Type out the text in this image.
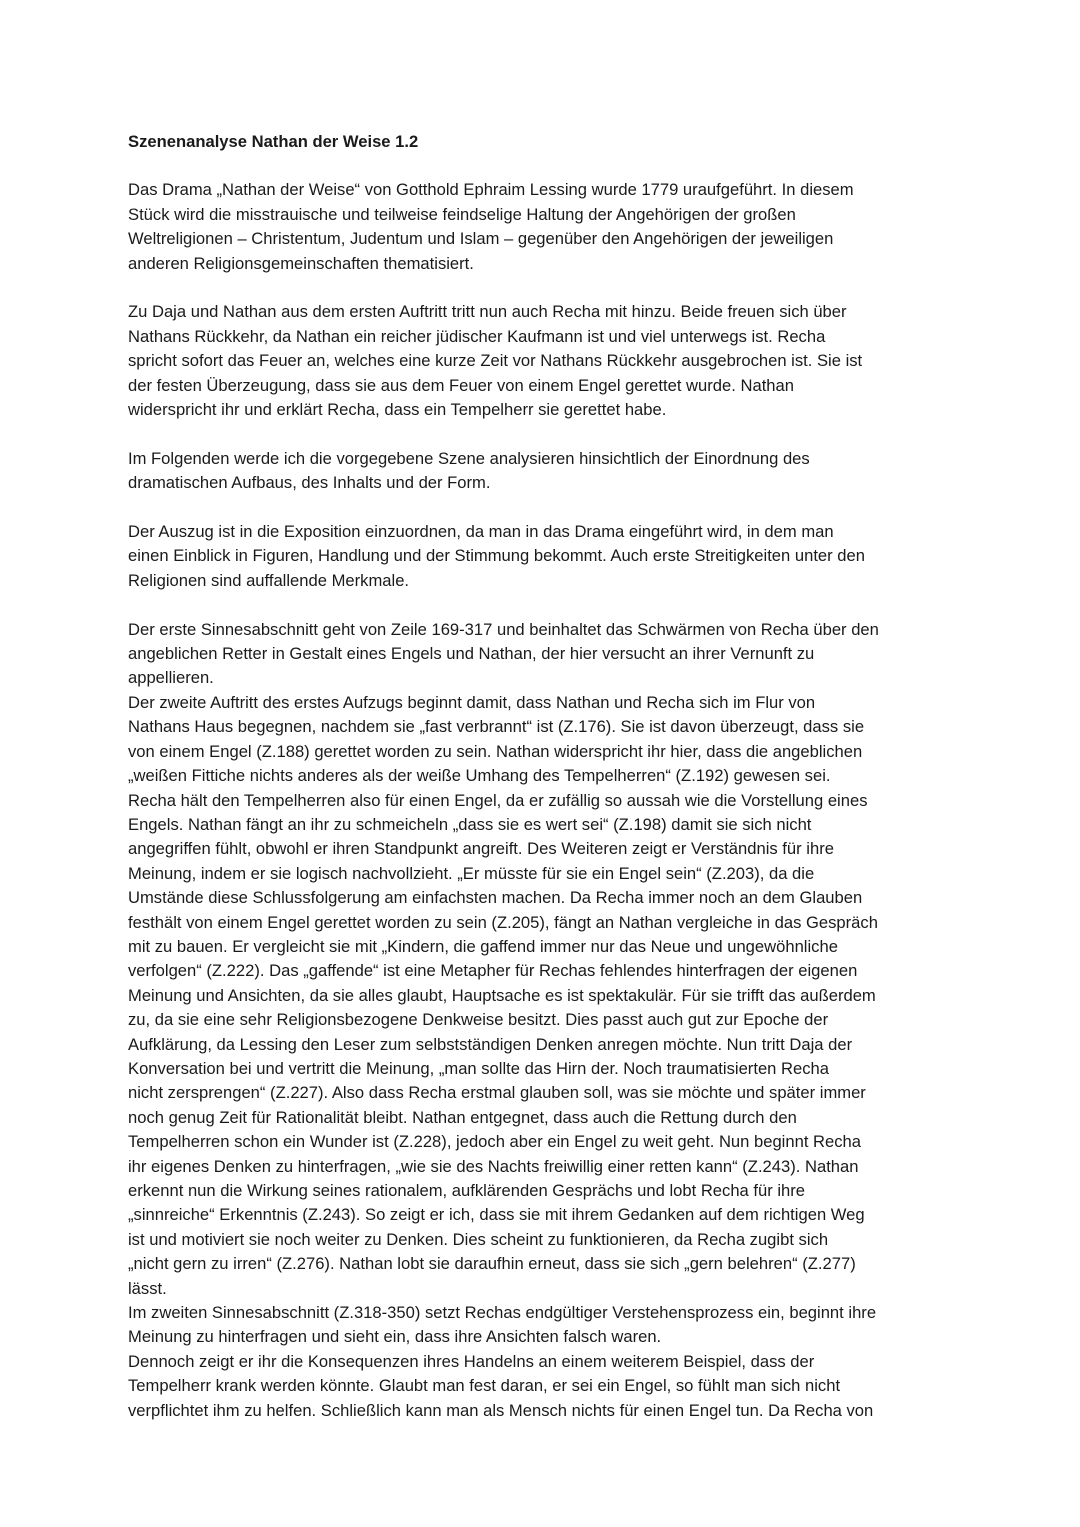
Szenenanalyse Nathan der Weise 1.2
Das Drama „Nathan der Weise“ von Gotthold Ephraim Lessing wurde 1779 uraufgeführt. In diesem
Stück wird die misstrauische und teilweise feindselige Haltung der Angehörigen der großen
Weltreligionen – Christentum, Judentum und Islam – gegenüber den Angehörigen der jeweiligen
anderen Religionsgemeinschaften thematisiert.
Zu Daja und Nathan aus dem ersten Auftritt tritt nun auch Recha mit hinzu. Beide freuen sich über
Nathans Rückkehr, da Nathan ein reicher jüdischer Kaufmann ist und viel unterwegs ist. Recha
spricht sofort das Feuer an, welches eine kurze Zeit vor Nathans Rückkehr ausgebrochen ist. Sie ist
der festen Überzeugung, dass sie aus dem Feuer von einem Engel gerettet wurde. Nathan
widerspricht ihr und erklärt Recha, dass ein Tempelherr sie gerettet habe.
Im Folgenden werde ich die vorgegebene Szene analysieren hinsichtlich der Einordnung des
dramatischen Aufbaus, des Inhalts und der Form.
Der Auszug ist in die Exposition einzuordnen, da man in das Drama eingeführt wird, in dem man
einen Einblick in Figuren, Handlung und der Stimmung bekommt. Auch erste Streitigkeiten unter den
Religionen sind auffallende Merkmale.
Der erste Sinnesabschnitt geht von Zeile 169-317 und beinhaltet das Schwärmen von Recha über den
angeblichen Retter in Gestalt eines Engels und Nathan, der hier versucht an ihrer Vernunft zu
appellieren.
Der zweite Auftritt des erstes Aufzugs beginnt damit, dass Nathan und Recha sich im Flur von
Nathans Haus begegnen, nachdem sie „fast verbrannt“ ist (Z.176). Sie ist davon überzeugt, dass sie
von einem Engel (Z.188) gerettet worden zu sein. Nathan widerspricht ihr hier, dass die angeblichen
„weißen Fittiche nichts anderes als der weiße Umhang des Tempelherren“ (Z.192) gewesen sei.
Recha hält den Tempelherren also für einen Engel, da er zufällig so aussah wie die Vorstellung eines
Engels. Nathan fängt an ihr zu schmeicheln „dass sie es wert sei“ (Z.198) damit sie sich nicht
angegriffen fühlt, obwohl er ihren Standpunkt angreift. Des Weiteren zeigt er Verständnis für ihre
Meinung, indem er sie logisch nachvollzieht. „Er müsste für sie ein Engel sein“ (Z.203), da die
Umstände diese Schlussfolgerung am einfachsten machen. Da Recha immer noch an dem Glauben
festhält von einem Engel gerettet worden zu sein (Z.205), fängt an Nathan vergleiche in das Gespräch
mit zu bauen. Er vergleicht sie mit „Kindern, die gaffend immer nur das Neue und ungewöhnliche
verfolgen“ (Z.222). Das „gaffende“ ist eine Metapher für Rechas fehlendes hinterfragen der eigenen
Meinung und Ansichten, da sie alles glaubt, Hauptsache es ist spektakulär. Für sie trifft das außerdem
zu, da sie eine sehr Religionsbezogene Denkweise besitzt. Dies passt auch gut zur Epoche der
Aufklärung, da Lessing den Leser zum selbstständigen Denken anregen möchte. Nun tritt Daja der
Konversation bei und vertritt die Meinung, „man sollte das Hirn der. Noch traumatisierten Recha
nicht zersprengen“ (Z.227). Also dass Recha erstmal glauben soll, was sie möchte und später immer
noch genug Zeit für Rationalität bleibt. Nathan entgegnet, dass auch die Rettung durch den
Tempelherren schon ein Wunder ist (Z.228), jedoch aber ein Engel zu weit geht. Nun beginnt Recha
ihr eigenes Denken zu hinterfragen, „wie sie des Nachts freiwillig einer retten kann“ (Z.243). Nathan
erkennt nun die Wirkung seines rationalem, aufklärenden Gesprächs und lobt Recha für ihre
„sinnreiche“ Erkenntnis (Z.243). So zeigt er ich, dass sie mit ihrem Gedanken auf dem richtigen Weg
ist und motiviert sie noch weiter zu Denken. Dies scheint zu funktionieren, da Recha zugibt sich
„nicht gern zu irren“ (Z.276). Nathan lobt sie daraufhin erneut, dass sie sich „gern belehren“ (Z.277)
lässt.
Im zweiten Sinnesabschnitt (Z.318-350) setzt Rechas endgültiger Verstehensprozess ein, beginnt ihre
Meinung zu hinterfragen und sieht ein, dass ihre Ansichten falsch waren.
Dennoch zeigt er ihr die Konsequenzen ihres Handelns an einem weiterem Beispiel, dass der
Tempelherr krank werden könnte. Glaubt man fest daran, er sei ein Engel, so fühlt man sich nicht
verpflichtet ihm zu helfen. Schließlich kann man als Mensch nichts für einen Engel tun. Da Recha von
